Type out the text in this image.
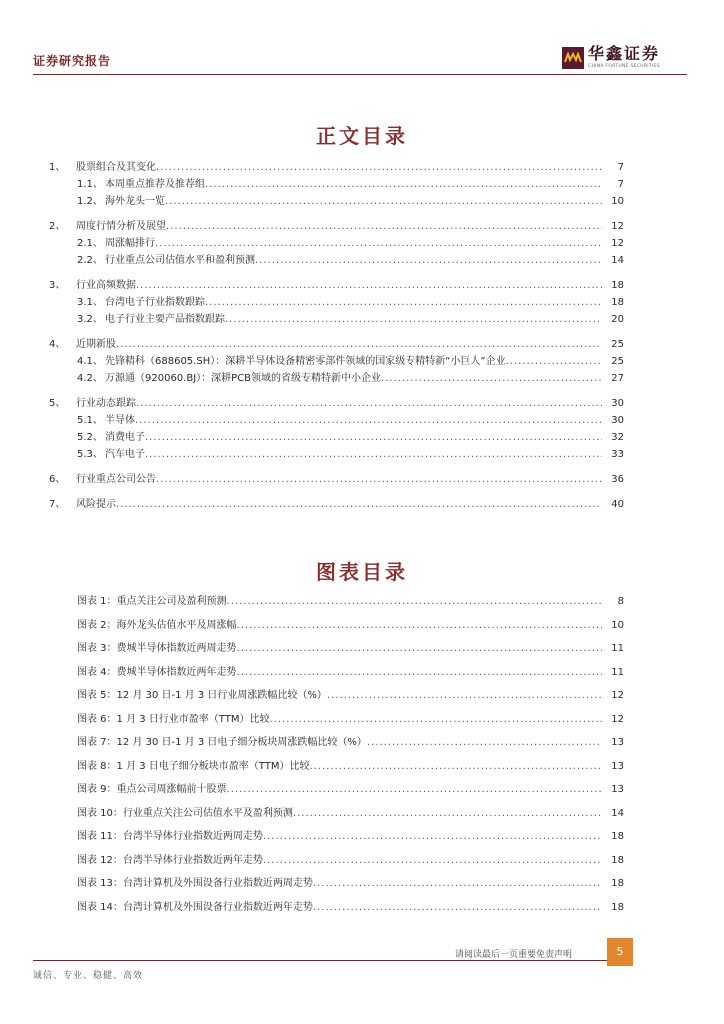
证券研究报告	华鑫证券
CHINA FORTUNE SECURITIES
正文目录
1、 股票组合及其变化 .....	7
1.1、 本周重点推荐及推荐组 .....	7
1.2、 海外龙头一览 .....	10
2、 周度行情分析及展望 .....	12
2.1、 周涨幅排行 .....	12
2.2、 行业重点公司估值水平和盈利预测 .....	14
3、 行业高频数据 .....	18
3.1、 台湾电子行业指数跟踪 .....	18
3.2、 电子行业主要产品指数跟踪 .....	20
4、 近期新股 .....	25
4.1、 先锋精科（688605.SH）：深耕半导体设备精密零部件领域的国家级专精特新“小巨人”企业 .....	25
4.2、 万源通（920060.BJ）：深耕PCB领域的省级专精特新中小企业 .....	27
5、 行业动态跟踪 .....	30
5.1、 半导体 .....	30
5.2、 消费电子 .....	32
5.3、 汽车电子 .....	33
6、 行业重点公司公告 .....	36
7、 风险提示 .....	40
图表目录
图表 1：重点关注公司及盈利预测 .....	8
图表 2：海外龙头估值水平及周涨幅 .....	10
图表 3：费城半导体指数近两周走势 .....	11
图表 4：费城半导体指数近两年走势 .....	11
图表 5：12 月 30 日-1 月 3 日行业周涨跌幅比较（%） .....	12
图表 6：1 月 3 日行业市盈率（TTM）比较 .....	12
图表 7：12 月 30 日-1 月 3 日电子细分板块周涨跌幅比较（%） .....	13
图表 8：1 月 3 日电子细分板块市盈率（TTM）比较 .....	13
图表 9：重点公司周涨幅前十股票 .....	13
图表 10：行业重点关注公司估值水平及盈利预测 .....	14
图表 11：台湾半导体行业指数近两周走势 .....	18
图表 12：台湾半导体行业指数近两年走势 .....	18
图表 13：台湾计算机及外围设备行业指数近两周走势 .....	18
图表 14：台湾计算机及外围设备行业指数近两年走势 .....	18
请阅读最后一页重要免责声明	5
诚信、专业、稳健、高效
